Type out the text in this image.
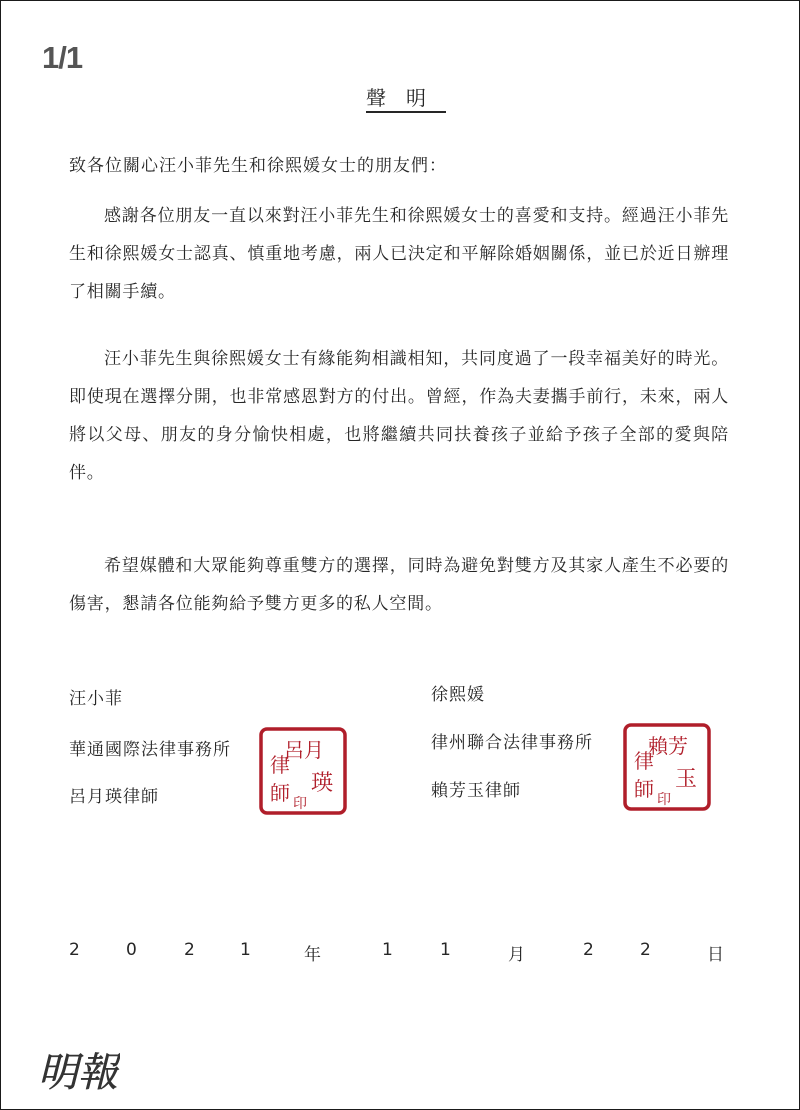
1/1
聲明
致各位關心汪小菲先生和徐熙媛女士的朋友們：

感謝各位朋友一直以來對汪小菲先生和徐熙媛女士的喜愛和支持。經過汪小菲先生和徐熙媛女士認真、慎重地考慮，兩人已決定和平解除婚姻關係，並已於近日辦理了相關手續。

汪小菲先生與徐熙媛女士有緣能夠相識相知，共同度過了一段幸福美好的時光。即使現在選擇分開，也非常感恩對方的付出。曾經，作為夫妻攜手前行，未來，兩人將以父母、朋友的身分愉快相處，也將繼續共同扶養孩子並給予孩子全部的愛與陪伴。

希望媒體和大眾能夠尊重雙方的選擇，同時為避免對雙方及其家人產生不必要的傷害，懇請各位能夠給予雙方更多的私人空間。

汪小菲
華通國際法律事務所
呂月瑛律師
呂月
瑛
律
師 印
徐熙媛
律州聯合法律事務所
賴芳玉律師
賴芳
玉
律
師 印
2	0	2	1	年	1	1	月	2	2	日
明報
